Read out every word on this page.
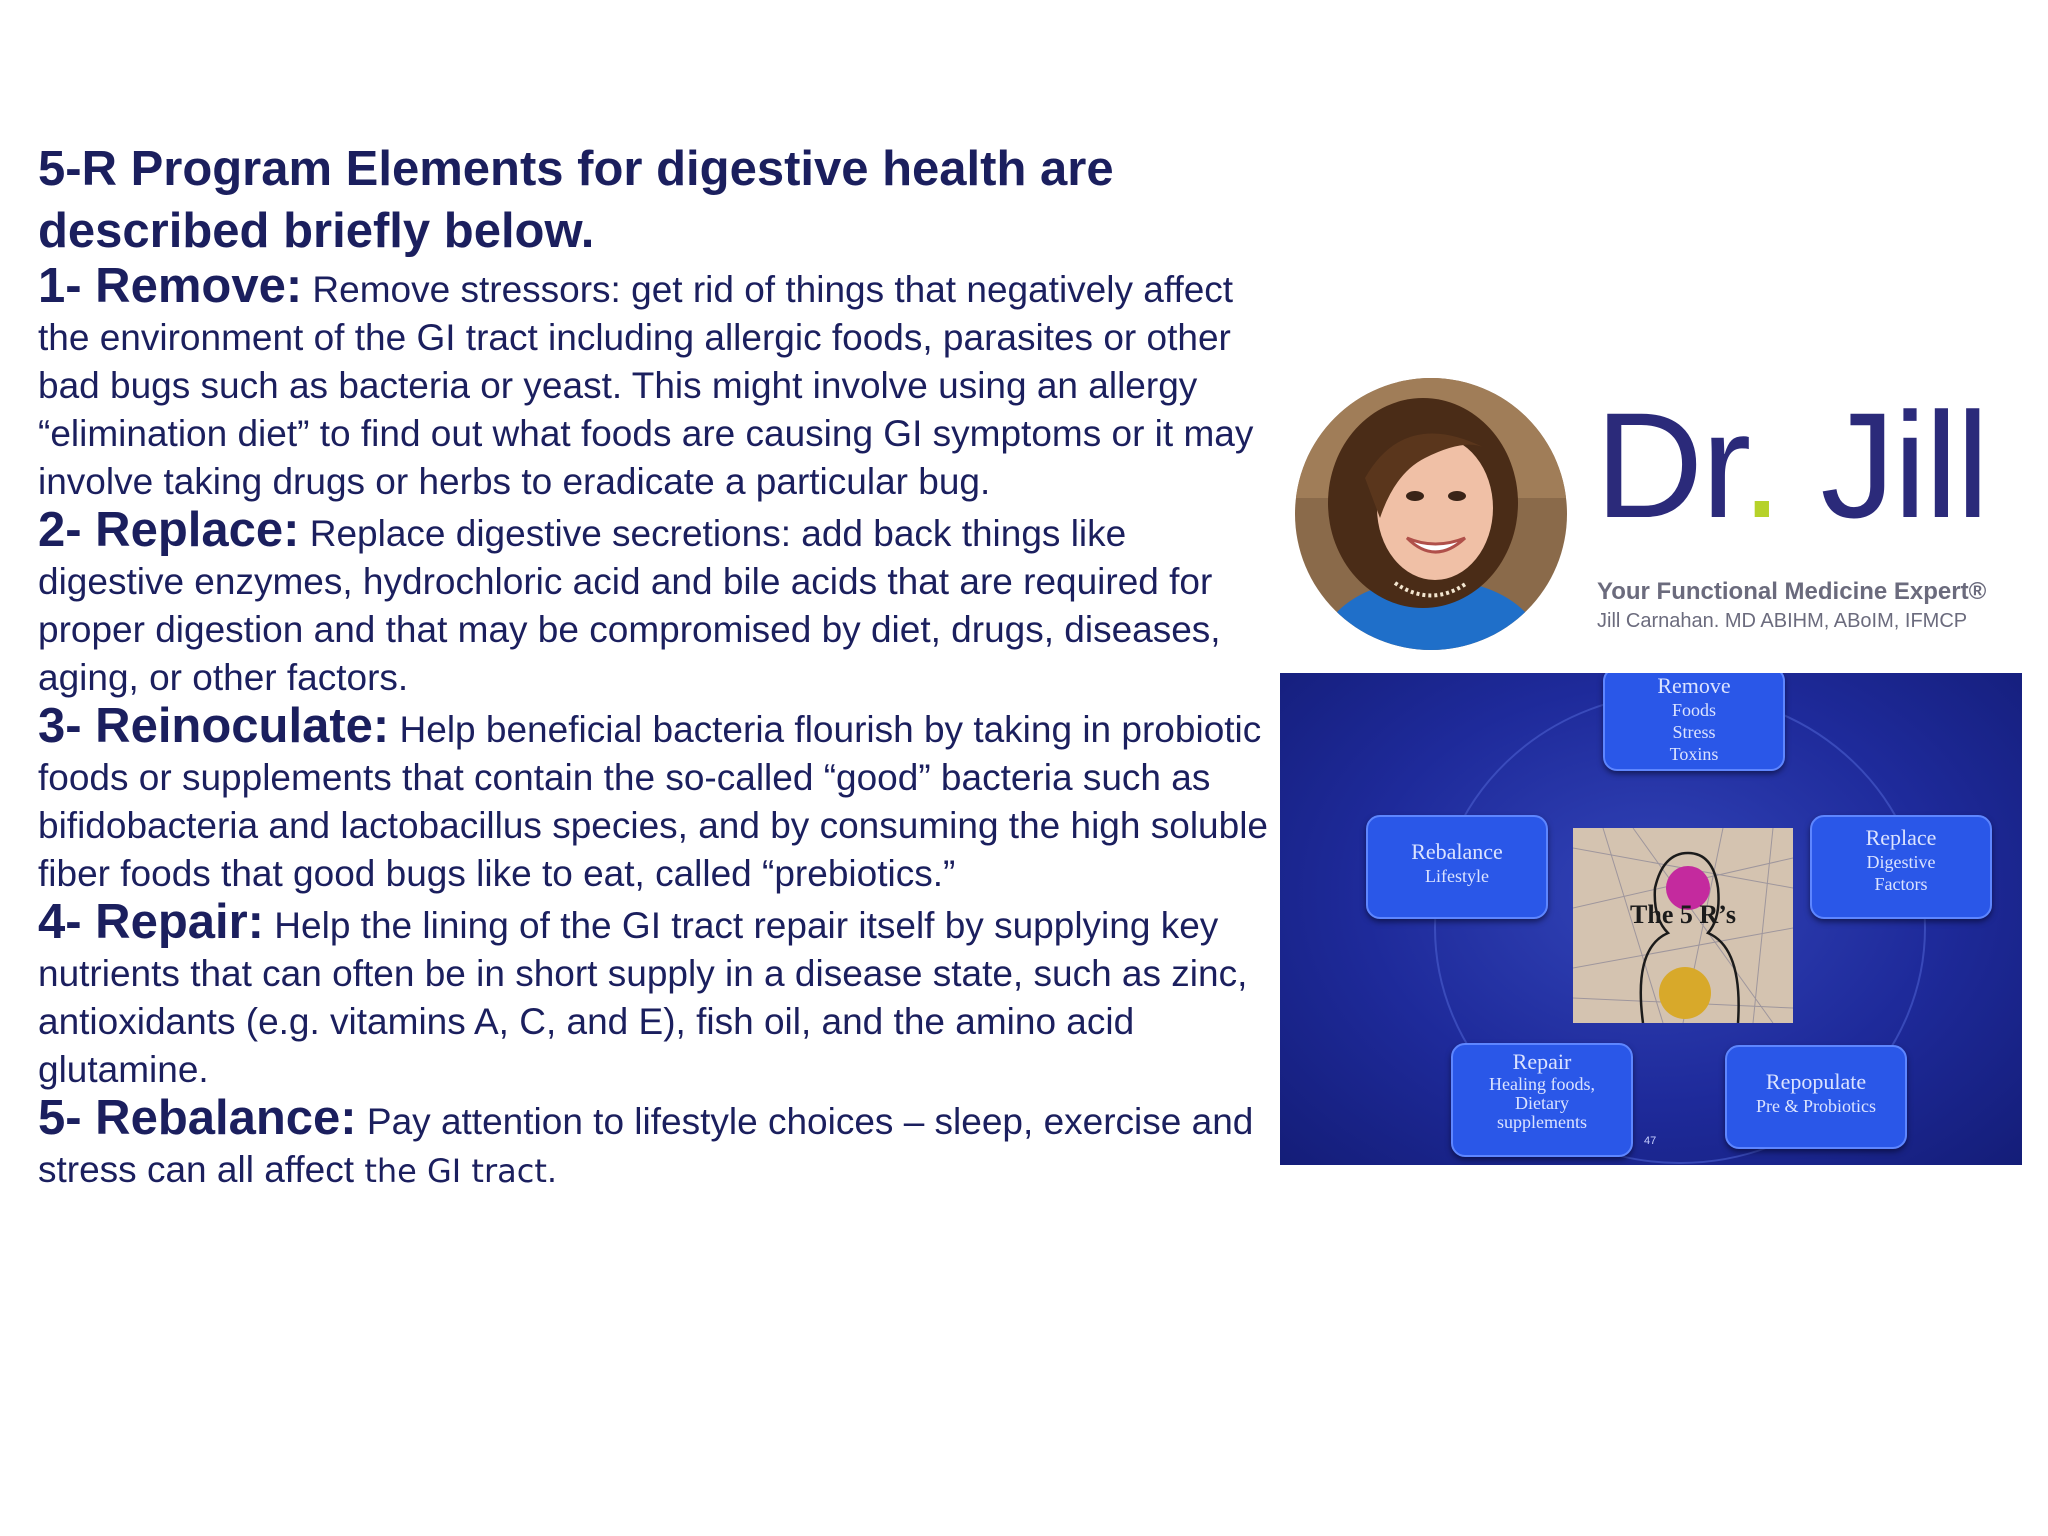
5-R Program Elements for digestive health are described briefly below.

1- Remove: Remove stressors: get rid of things that negatively affect the environment of the GI tract including allergic foods, parasites or other bad bugs such as bacteria or yeast. This might involve using an allergy “elimination diet” to find out what foods are causing GI symptoms or it may involve taking drugs or herbs to eradicate a particular bug.

2- Replace: Replace digestive secretions: add back things like digestive enzymes, hydrochloric acid and bile acids that are required for proper digestion and that may be compromised by diet, drugs, diseases, aging, or other factors.

3- Reinoculate: Help beneficial bacteria flourish by taking in probiotic foods or supplements that contain the so-called “good” bacteria such as bifidobacteria and lactobacillus species, and by consuming the high soluble fiber foods that good bugs like to eat, called “prebiotics.”

4- Repair: Help the lining of the GI tract repair itself by supplying key nutrients that can often be in short supply in a disease state, such as zinc, antioxidants (e.g. vitamins A, C, and E), fish oil, and the amino acid glutamine.

5- Rebalance: Pay attention to lifestyle choices – sleep, exercise and stress can all affect the GI tract.

Dr. Jill
Your Functional Medicine Expert®
Jill Carnahan. MD ABIHM, ABoIM, IFMCP
Remove
Foods
Stress
Toxins
Rebalance
Lifestyle
Replace
Digestive
Factors
The 5 R’s
Repair
Healing foods,
Dietary
supplements
Repopulate
Pre & Probiotics
47
